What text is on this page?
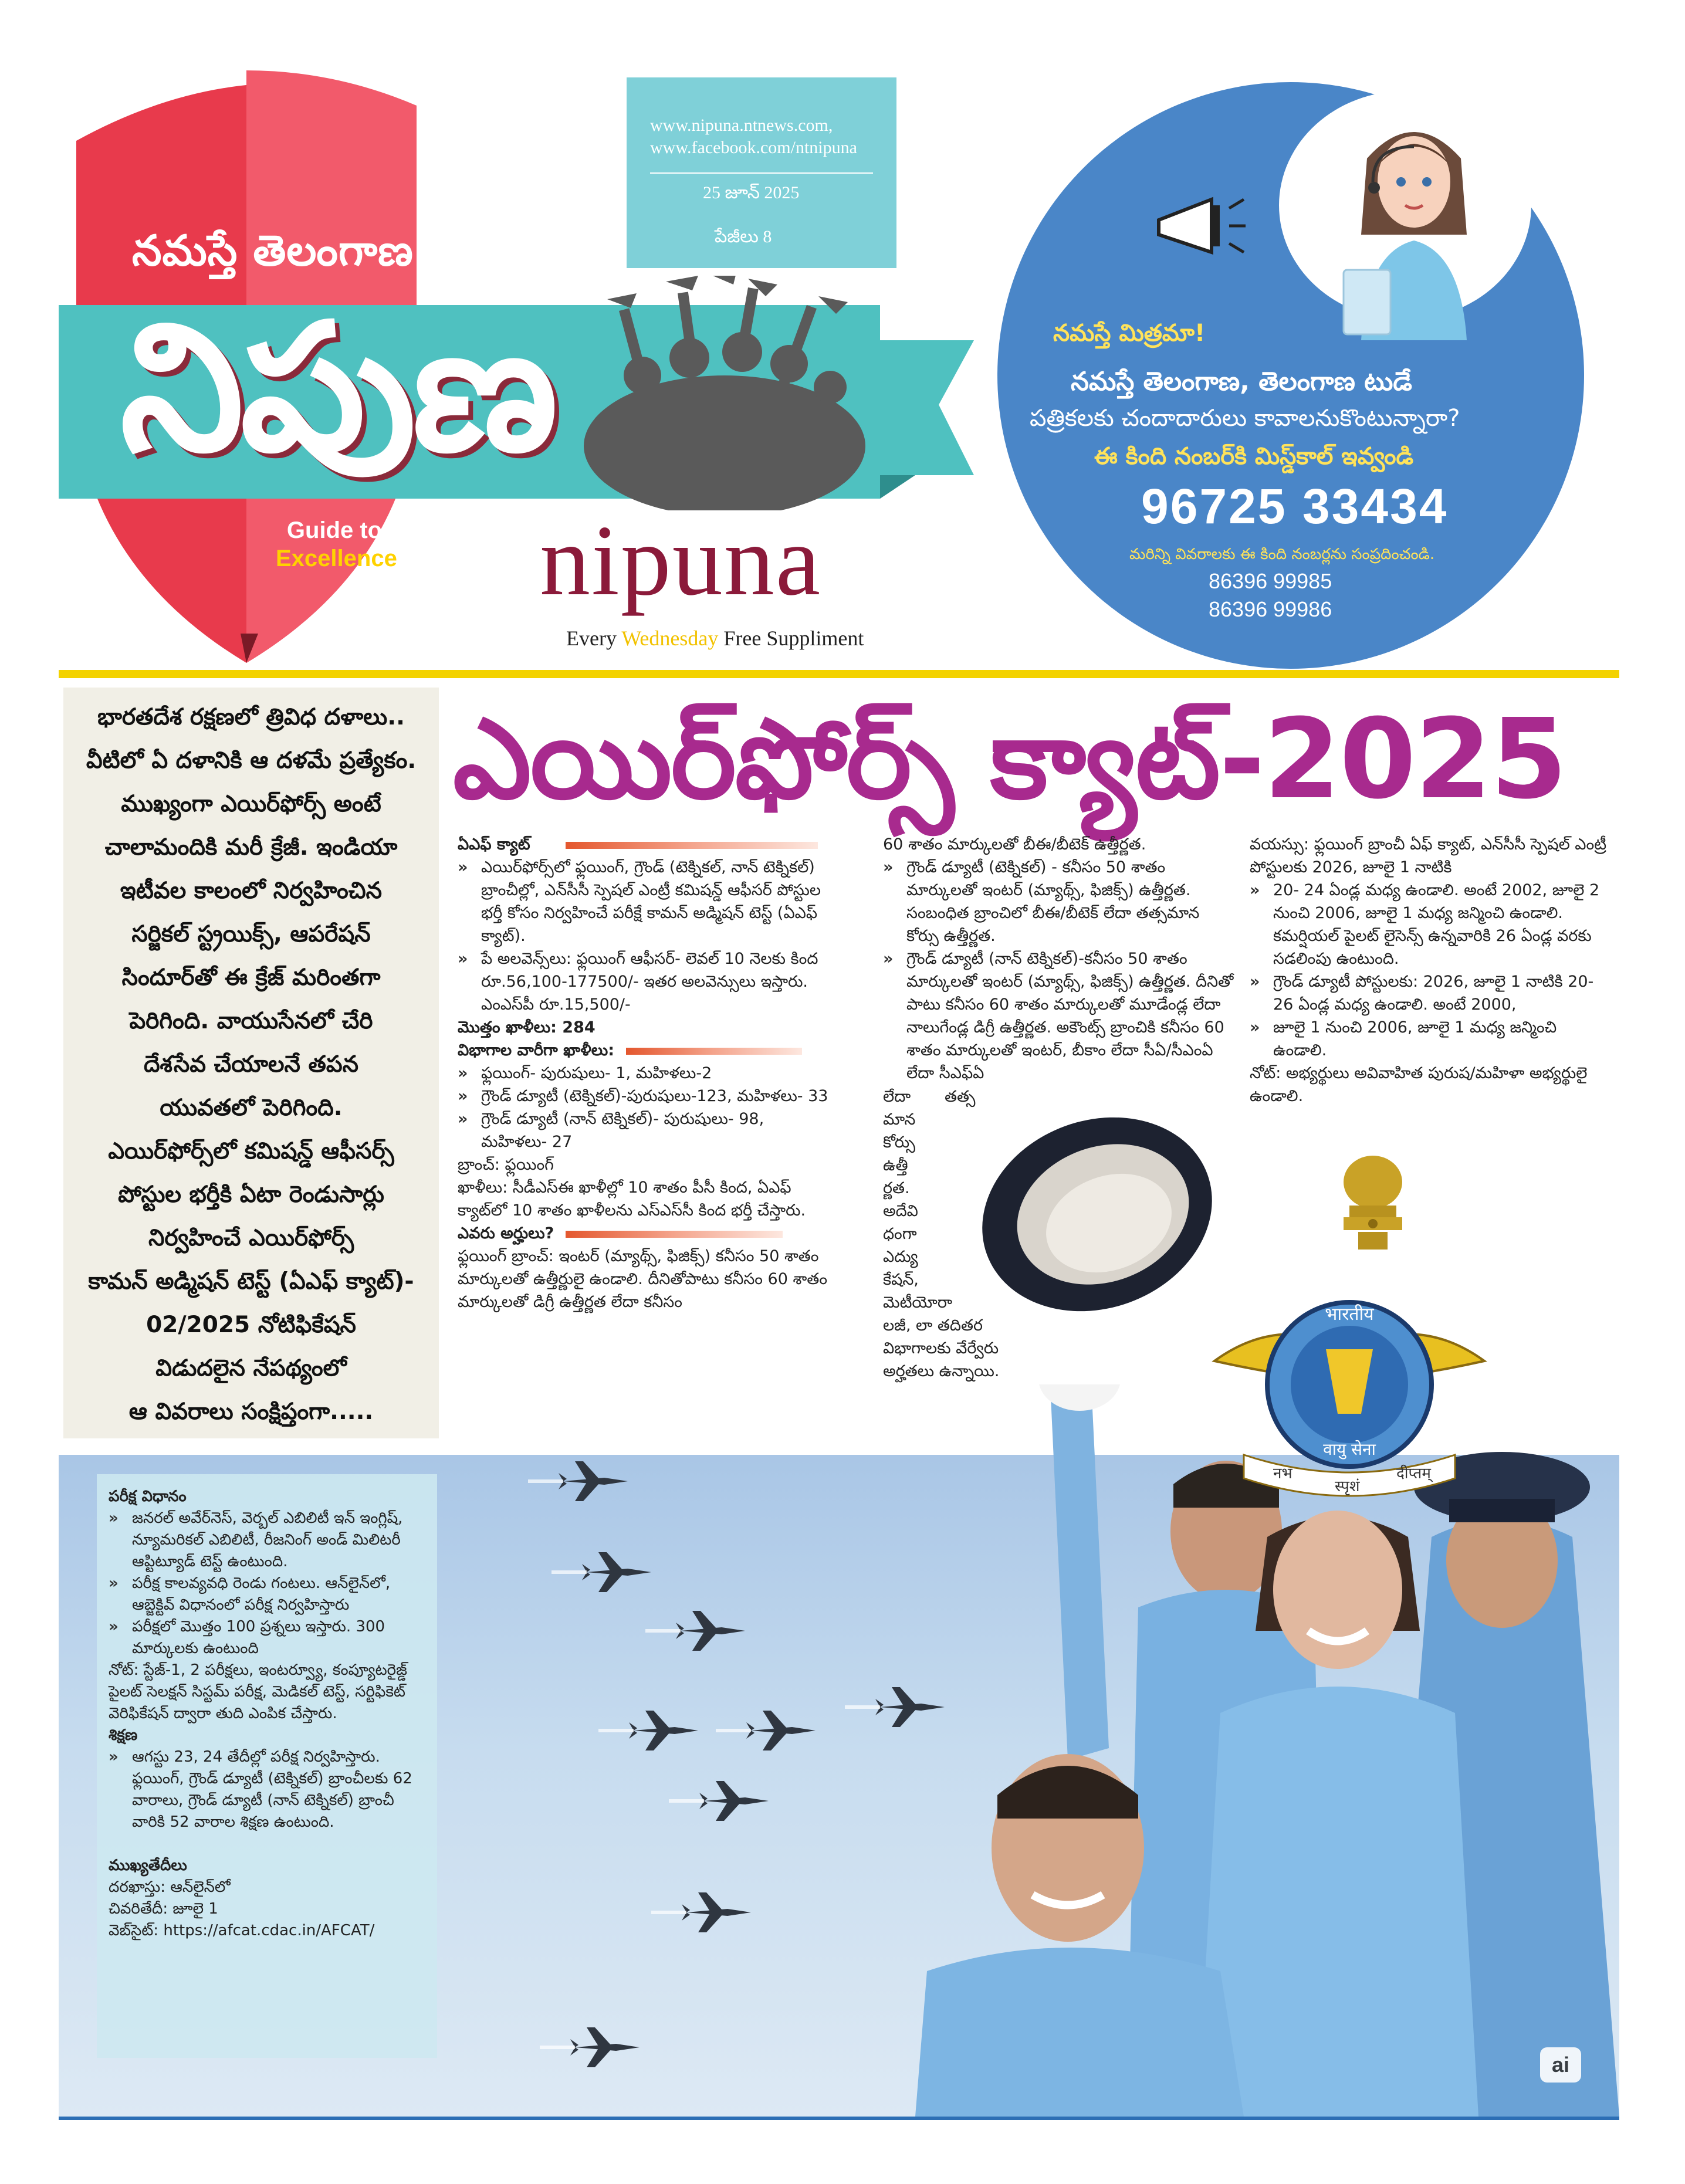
నమస్తే తెలంగాణ
నిపుణ
Guide to
Excellence
www.nipuna.ntnews.com,
www.facebook.com/ntnipuna
25 జూన్ 2025
పేజీలు 8
nipuna
Every Wednesday Free Suppliment
నమస్తే మిత్రమా!
నమస్తే తెలంగాణ, తెలంగాణ టుడే
పత్రికలకు చందాదారులు కావాలనుకొంటున్నారా?
ఈ కింది నంబర్‌కి మిస్డ్‌కాల్ ఇవ్వండి
96725 33434
మరిన్ని వివరాలకు ఈ కింది నంబర్లను సంప్రదించండి.
86396 99985
86396 99986
భారతదేశ రక్షణలో త్రివిధ దళాలు..
వీటిలో ఏ దళానికి ఆ దళమే ప్రత్యేకం.
ముఖ్యంగా ఎయిర్‌ఫోర్స్ అంటే
చాలామందికి మరీ క్రేజీ. ఇండియా
ఇటీవల కాలంలో నిర్వహించిన
సర్జికల్ స్ట్రయిక్స్, ఆపరేషన్
సిందూర్‌తో ఈ క్రేజ్ మరింతగా
పెరిగింది. వాయుసేనలో చేరి
దేశసేవ చేయాలనే తపన
యువతలో పెరిగింది.
ఎయిర్‌ఫోర్స్‌లో కమిషన్డ్ ఆఫీసర్స్
పోస్టుల భర్తీకి ఏటా రెండుసార్లు
నిర్వహించే ఎయిర్‌ఫోర్స్
కామన్ అడ్మిషన్ టెస్ట్ (ఏఎఫ్ క్యాట్)-
02/2025 నోటిఫికేషన్
విడుదలైన నేపథ్యంలో
ఆ వివరాలు సంక్షిప్తంగా.....
ఎయిర్‌ఫోర్స్ క్యాట్-2025

ఏఎఫ్ క్యాట్

» ఎయిర్‌ఫోర్స్‌లో ఫ్లయింగ్, గ్రౌండ్ (టెక్నికల్, నాన్ టెక్నికల్) బ్రాంచీల్లో, ఎన్‌సీసీ స్పెషల్ ఎంట్రీ కమిషన్డ్ ఆఫీసర్ పోస్టుల భర్తీ కోసం నిర్వహించే పరీక్షే కామన్ అడ్మిషన్ టెస్ట్ (ఏఎఫ్ క్యాట్).

» పే అలవెన్స్‌లు: ఫ్లయింగ్ ఆఫీసర్- లెవల్ 10 నెలకు కింద రూ.56,100-177500/- ఇతర అలవెన్సులు ఇస్తారు. ఎంఎస్‌పీ రూ.15,500/-

మొత్తం ఖాళీలు: 284

విభాగాల వారీగా ఖాళీలు:

» ఫ్లయింగ్- పురుషులు- 1, మహిళలు-2

» గ్రౌండ్ డ్యూటీ (టెక్నికల్)-పురుషులు-123, మహిళలు- 33

» గ్రౌండ్ డ్యూటీ (నాన్ టెక్నికల్)- పురుషులు- 98, మహిళలు- 27

బ్రాంచ్: ఫ్లయింగ్

ఖాళీలు: సీడీఎస్‌ఈ ఖాళీల్లో 10 శాతం పీసీ కింద, ఏఎఫ్ క్యాట్‌లో 10 శాతం ఖాళీలను ఎస్ఎస్‌సీ కింద భర్తీ చేస్తారు.

ఎవరు అర్హులు?

ఫ్లయింగ్ బ్రాంచ్: ఇంటర్ (మ్యాథ్స్, ఫిజిక్స్) కనీసం 50 శాతం మార్కులతో ఉత్తీర్ణులై ఉండాలి. దీనితోపాటు కనీసం 60 శాతం మార్కులతో డిగ్రీ ఉత్తీర్ణత లేదా కనీసం

60 శాతం మార్కులతో బీఈ/బీటెక్ ఉత్తీర్ణత.

» గ్రౌండ్ డ్యూటీ (టెక్నికల్) - కనీసం 50 శాతం మార్కులతో ఇంటర్ (మ్యాథ్స్, ఫిజిక్స్) ఉత్తీర్ణత. సంబంధిత బ్రాంచిలో బీఈ/బీటెక్ లేదా తత్సమాన కోర్సు ఉత్తీర్ణత.

» గ్రౌండ్ డ్యూటీ (నాన్ టెక్నికల్)-కనీసం 50 శాతం మార్కులతో ఇంటర్ (మ్యాథ్స్, ఫిజిక్స్) ఉత్తీర్ణత. దీనితో పాటు కనీసం 60 శాతం మార్కులతో మూడేండ్ల లేదా నాలుగేండ్ల డిగ్రీ ఉత్తీర్ణత. అకౌంట్స్ బ్రాంచికి కనీసం 60 శాతం మార్కులతో ఇంటర్, బీకాం లేదా సీఏ/సీఎంఏ లేదా సీఎఫ్ఏ

లేదా

మాన

కోర్సు

ఉత్తీ

ర్ణత.

అదేవి

ధంగా

ఎద్యు

కేషన్,

మెటీయోరా

తత్స

లజీ, లా తదితర

విభాగాలకు వేర్వేరు

అర్హతలు ఉన్నాయి.

వయస్సు: ఫ్లయింగ్ బ్రాంచీ ఏఫ్ క్యాట్, ఎన్‌సీసీ స్పెషల్ ఎంట్రీ పోస్టులకు 2026, జూలై 1 నాటికి

» 20- 24 ఏండ్ల మధ్య ఉండాలి. అంటే 2002, జూలై 2 నుంచి 2006, జూలై 1 మధ్య జన్మించి ఉండాలి. కమర్షియల్ పైలట్ లైసెన్స్ ఉన్నవారికి 26 ఏండ్ల వరకు సడలింపు ఉంటుంది.

» గ్రౌండ్ డ్యూటీ పోస్టులకు: 2026, జూలై 1 నాటికి 20- 26 ఏండ్ల మధ్య ఉండాలి. అంటే 2000,

» జూలై 1 నుంచి 2006, జూలై 1 మధ్య జన్మించి ఉండాలి.

నోట్: అభ్యర్థులు అవివాహిత పురుష/మహిళా అభ్యర్థులై ఉండాలి.

పరీక్ష విధానం

» జనరల్ అవేర్‌నెస్, వెర్బల్ ఎబిలిటీ ఇన్ ఇంగ్లిష్, న్యూమరికల్ ఎబిలిటీ, రీజనింగ్ అండ్ మిలిటరీ ఆప్టిట్యూడ్ టెస్ట్ ఉంటుంది.

» పరీక్ష కాలవ్యవధి రెండు గంటలు. ఆన్‌లైన్‌లో, ఆబ్జెక్టివ్ విధానంలో పరీక్ష నిర్వహిస్తారు

» పరీక్షలో మొత్తం 100 ప్రశ్నలు ఇస్తారు. 300 మార్కులకు ఉంటుంది

నోట్: స్టేజ్-1, 2 పరీక్షలు, ఇంటర్వ్యూ, కంప్యూటరైజ్డ్ పైలట్ సెలక్షన్ సిస్టమ్ పరీక్ష, మెడికల్ టెస్ట్, సర్టిఫికెట్ వెరిఫికేషన్ ద్వారా తుది ఎంపిక చేస్తారు.

శిక్షణ

» ఆగస్టు 23, 24 తేదీల్లో పరీక్ష నిర్వహిస్తారు. ఫ్లయింగ్, గ్రౌండ్ డ్యూటీ (టెక్నికల్) బ్రాంచీలకు 62 వారాలు, గ్రౌండ్ డ్యూటీ (నాన్ టెక్నికల్) బ్రాంచీ వారికి 52 వారాల శిక్షణ ఉంటుంది.

ముఖ్యతేదీలు

దరఖాస్తు: ఆన్‌లైన్‌లో

చివరితేదీ: జూలై 1

వెబ్‌సైట్: https://afcat.cdac.in/AFCAT/

भारतीय
वायु सेना
नभ
स्पृशं
दीप्तम्
ai
